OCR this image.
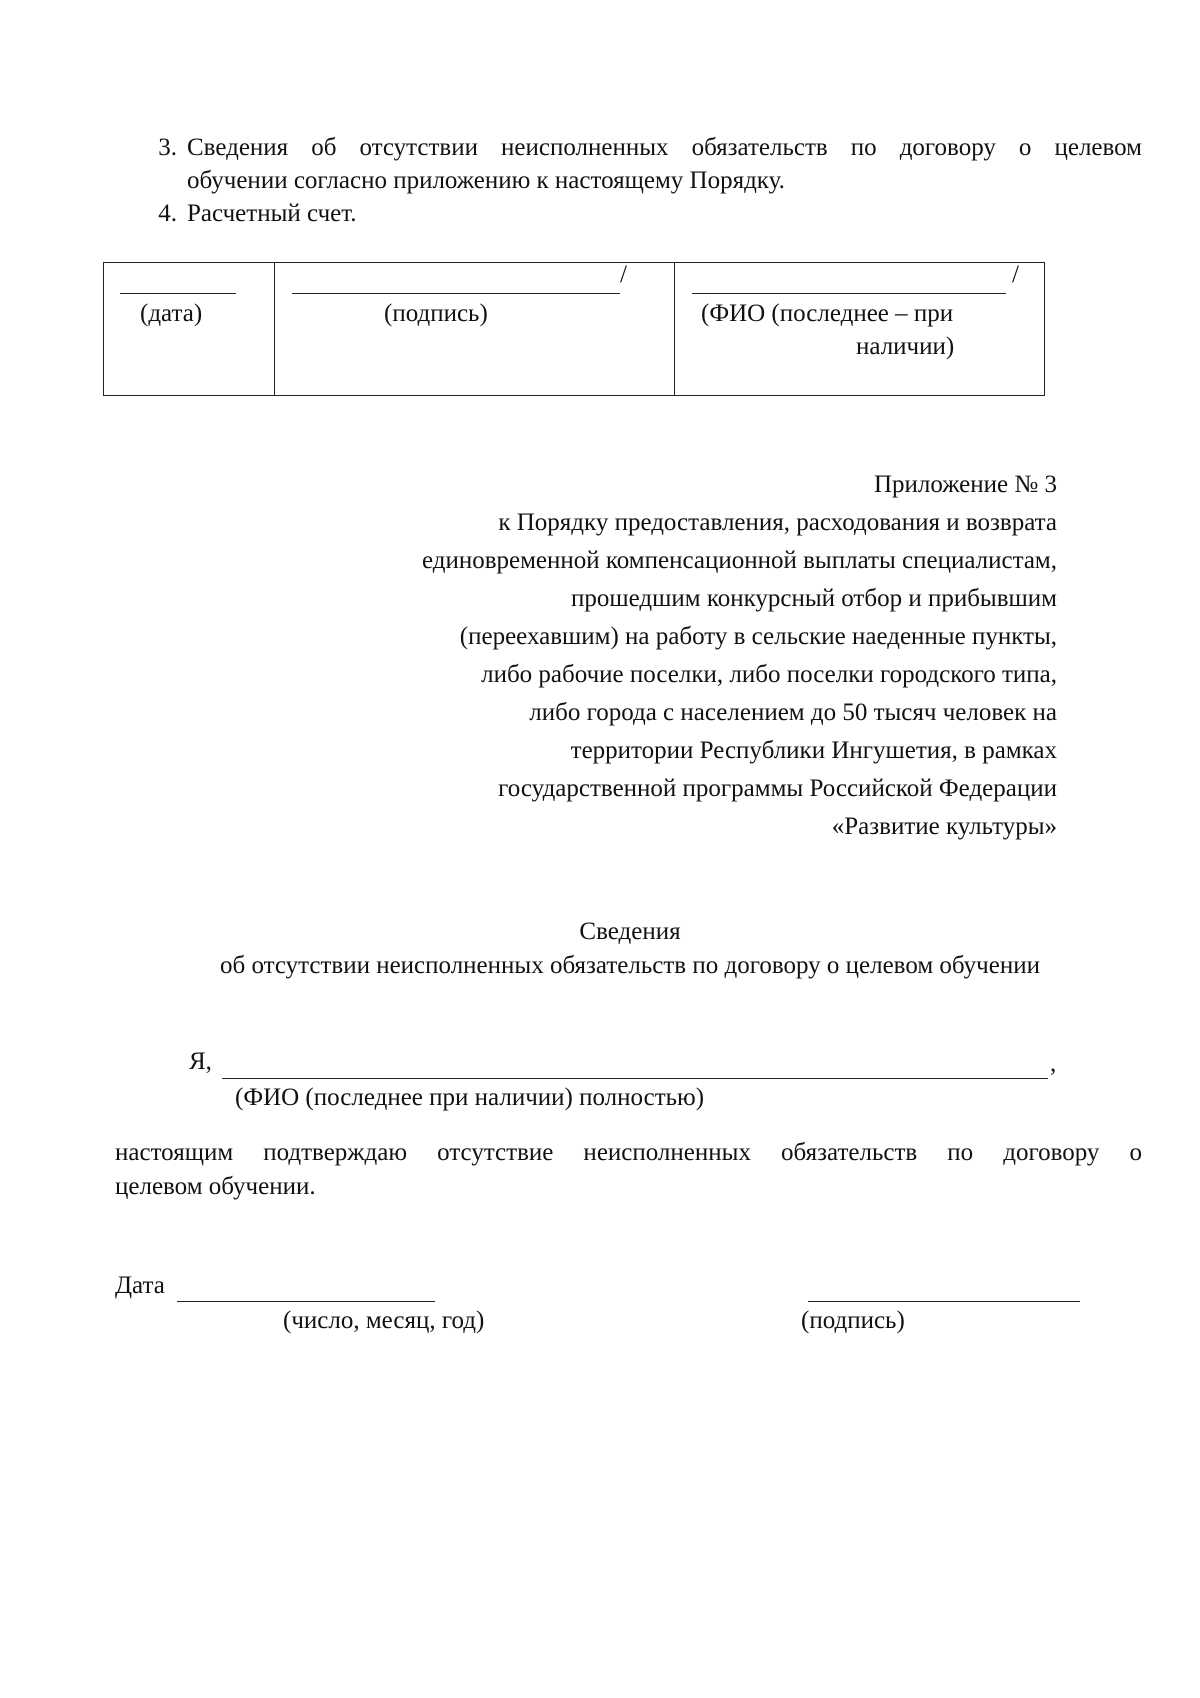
3. Сведения об отсутствии неисполненных обязательств по договору о целевом
обучении согласно приложению к настоящему Порядку.
4. Расчетный счет.
(дата)
/
(подпись)
/
(ФИО (последнее – при
наличии)
Приложение № 3
к Порядку предоставления, расходования и возврата
единовременной компенсационной выплаты специалистам,
прошедшим конкурсный отбор и прибывшим
(переехавшим) на работу в сельские наеденные пункты,
либо рабочие поселки, либо поселки городского типа,
либо города с населением до 50 тысяч человек на
территории Республики Ингушетия, в рамках
государственной программы Российской Федерации
«Развитие культуры»
Сведения
об отсутствии неисполненных обязательств по договору о целевом обучении
Я,	,
(ФИО (последнее при наличии) полностью)
настоящим подтверждаю отсутствие неисполненных обязательств по договору о
целевом обучении.
Дата
(число, месяц, год)	(подпись)
